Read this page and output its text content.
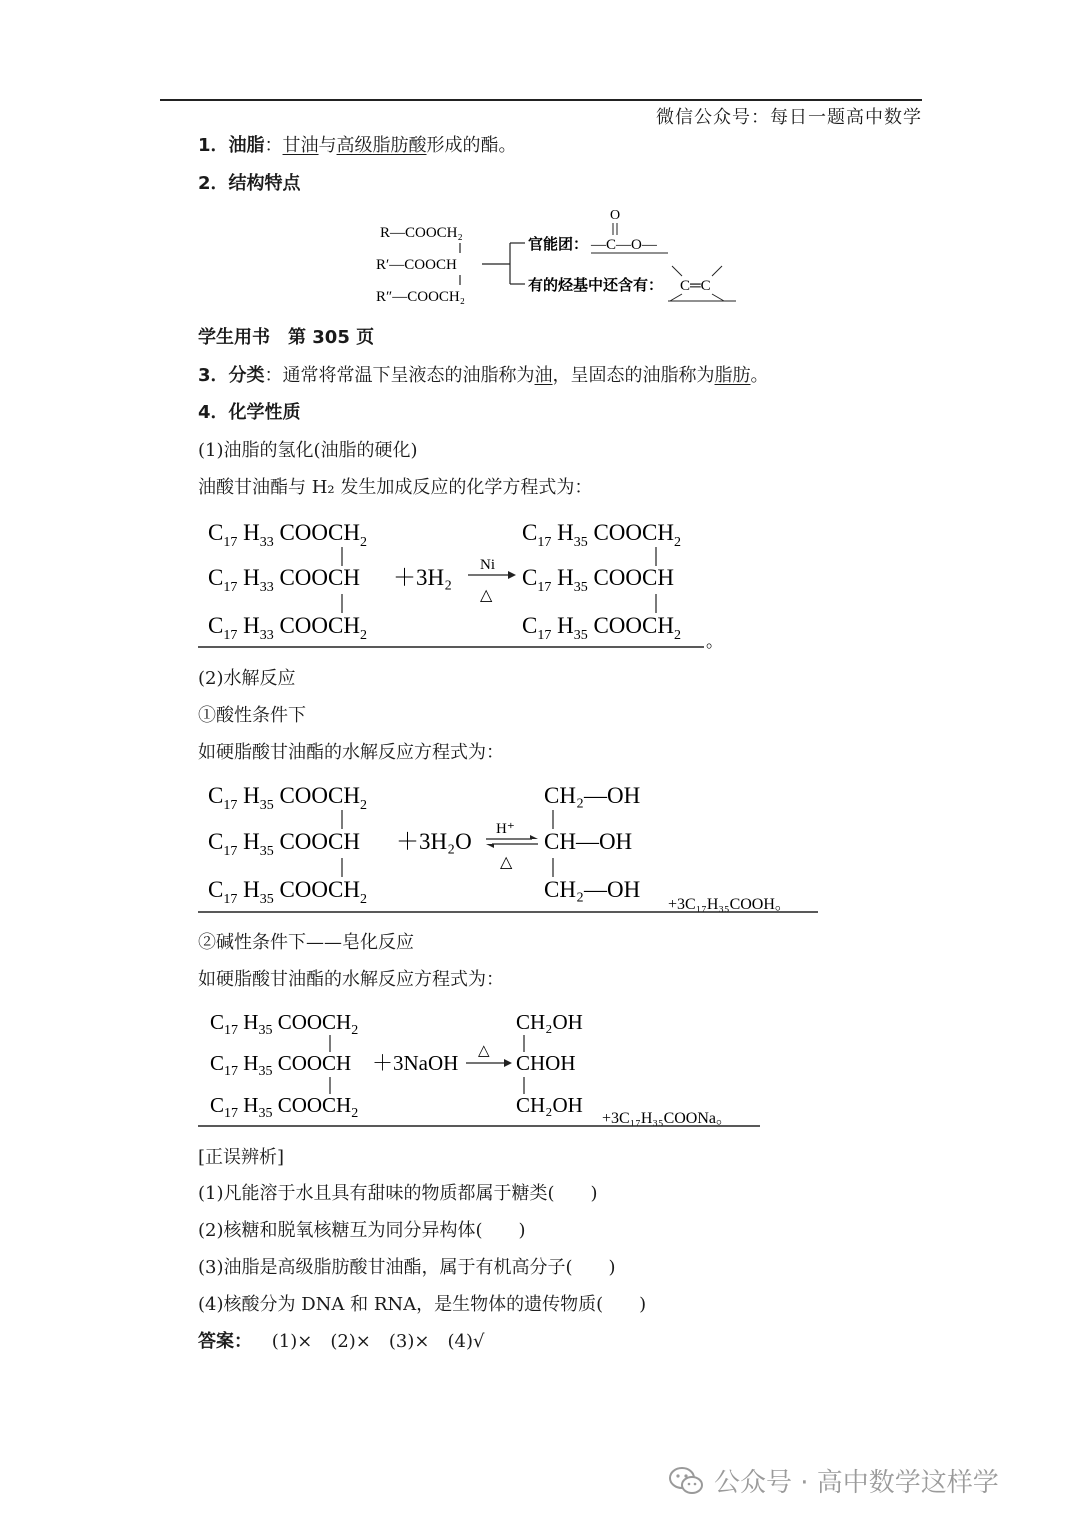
微信公众号：每日一题高中数学
1．油脂：甘油与高级脂肪酸形成的酯。
2．结构特点
R—COOCH₂
R′—COOCH
R″—COOCH₂
官能团：
O
—C—O—
有的烃基中还含有： C═C
学生用书　第 305 页
3．分类：通常将常温下呈液态的油脂称为油，呈固态的油脂称为脂肪。
4．化学性质
(1)油脂的氢化(油脂的硬化)
油酸甘油酯与 H₂ 发生加成反应的化学方程式为：
$C_{17}$ $H_{33}$ $COOCH_2$
$C_{17}$ $H_{33}$ COOCH
$C_{17}$ $H_{33}$ $COOCH_2$
＋3H₂ Ni
△
$C_{17}$ $H_{35}$ $COOCH_2$
$C_{17}$ $H_{35}$ COOCH
$C_{17}$ $H_{35}$ $COOCH_2$ 。
(2)水解反应
①酸性条件下
如硬脂酸甘油酯的水解反应方程式为：
$C_{17}$ $H_{35}$ $COOCH_2$
$C_{17}$ $H_{35}$ COOCH
$C_{17}$ $H_{35}$ $COOCH_2$
＋3H₂O H⁺
△
CH₂—OH
CH—OH
CH₂—OH
+3C₁₇H₃₅COOH。
②碱性条件下——皂化反应
如硬脂酸甘油酯的水解反应方程式为：
$C_{17}$ $H_{35}$ $COOCH_2$
$C_{17}$ $H_{35}$ COOCH
$C_{17}$ $H_{35}$ $COOCH_2$
＋3NaOH △
CH₂OH
CHOH
CH₂OH
+3C₁₇H₃₅COONa。
[正误辨析]
(1)凡能溶于水且具有甜味的物质都属于糖类(　　)
(2)核糖和脱氧核糖互为同分异构体(　　)
(3)油脂是高级脂肪酸甘油酯，属于有机高分子(　　)
(4)核酸分为 DNA 和 RNA，是生物体的遗传物质(　　)
答案： (1)×　(2)×　(3)×　(4)√
公众号 · 高中数学这样学
